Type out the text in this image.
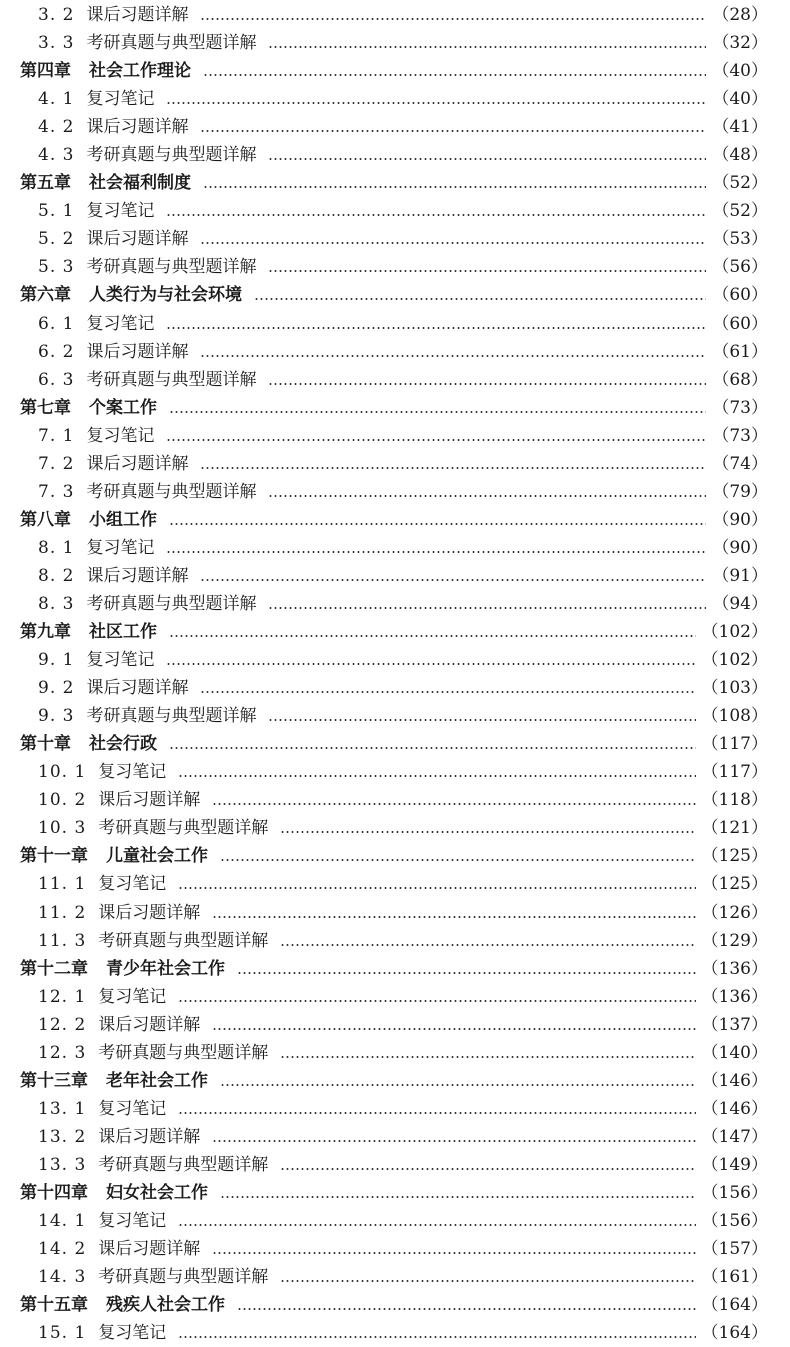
3. 2 课后习题详解	（28）
3. 3 考研真题与典型题详解	（32）
第四章 社会工作理论	（40）
4. 1 复习笔记	（40）
4. 2 课后习题详解	（41）
4. 3 考研真题与典型题详解	（48）
第五章 社会福利制度	（52）
5. 1 复习笔记	（52）
5. 2 课后习题详解	（53）
5. 3 考研真题与典型题详解	（56）
第六章 人类行为与社会环境	（60）
6. 1 复习笔记	（60）
6. 2 课后习题详解	（61）
6. 3 考研真题与典型题详解	（68）
第七章 个案工作	（73）
7. 1 复习笔记	（73）
7. 2 课后习题详解	（74）
7. 3 考研真题与典型题详解	（79）
第八章 小组工作	（90）
8. 1 复习笔记	（90）
8. 2 课后习题详解	（91）
8. 3 考研真题与典型题详解	（94）
第九章 社区工作	（102）
9. 1 复习笔记	（102）
9. 2 课后习题详解	（103）
9. 3 考研真题与典型题详解	（108）
第十章 社会行政	（117）
10. 1 复习笔记	（117）
10. 2 课后习题详解	（118）
10. 3 考研真题与典型题详解	（121）
第十一章 儿童社会工作	（125）
11. 1 复习笔记	（125）
11. 2 课后习题详解	（126）
11. 3 考研真题与典型题详解	（129）
第十二章 青少年社会工作	（136）
12. 1 复习笔记	（136）
12. 2 课后习题详解	（137）
12. 3 考研真题与典型题详解	（140）
第十三章 老年社会工作	（146）
13. 1 复习笔记	（146）
13. 2 课后习题详解	（147）
13. 3 考研真题与典型题详解	（149）
第十四章 妇女社会工作	（156）
14. 1 复习笔记	（156）
14. 2 课后习题详解	（157）
14. 3 考研真题与典型题详解	（161）
第十五章 残疾人社会工作	（164）
15. 1 复习笔记	（164）
